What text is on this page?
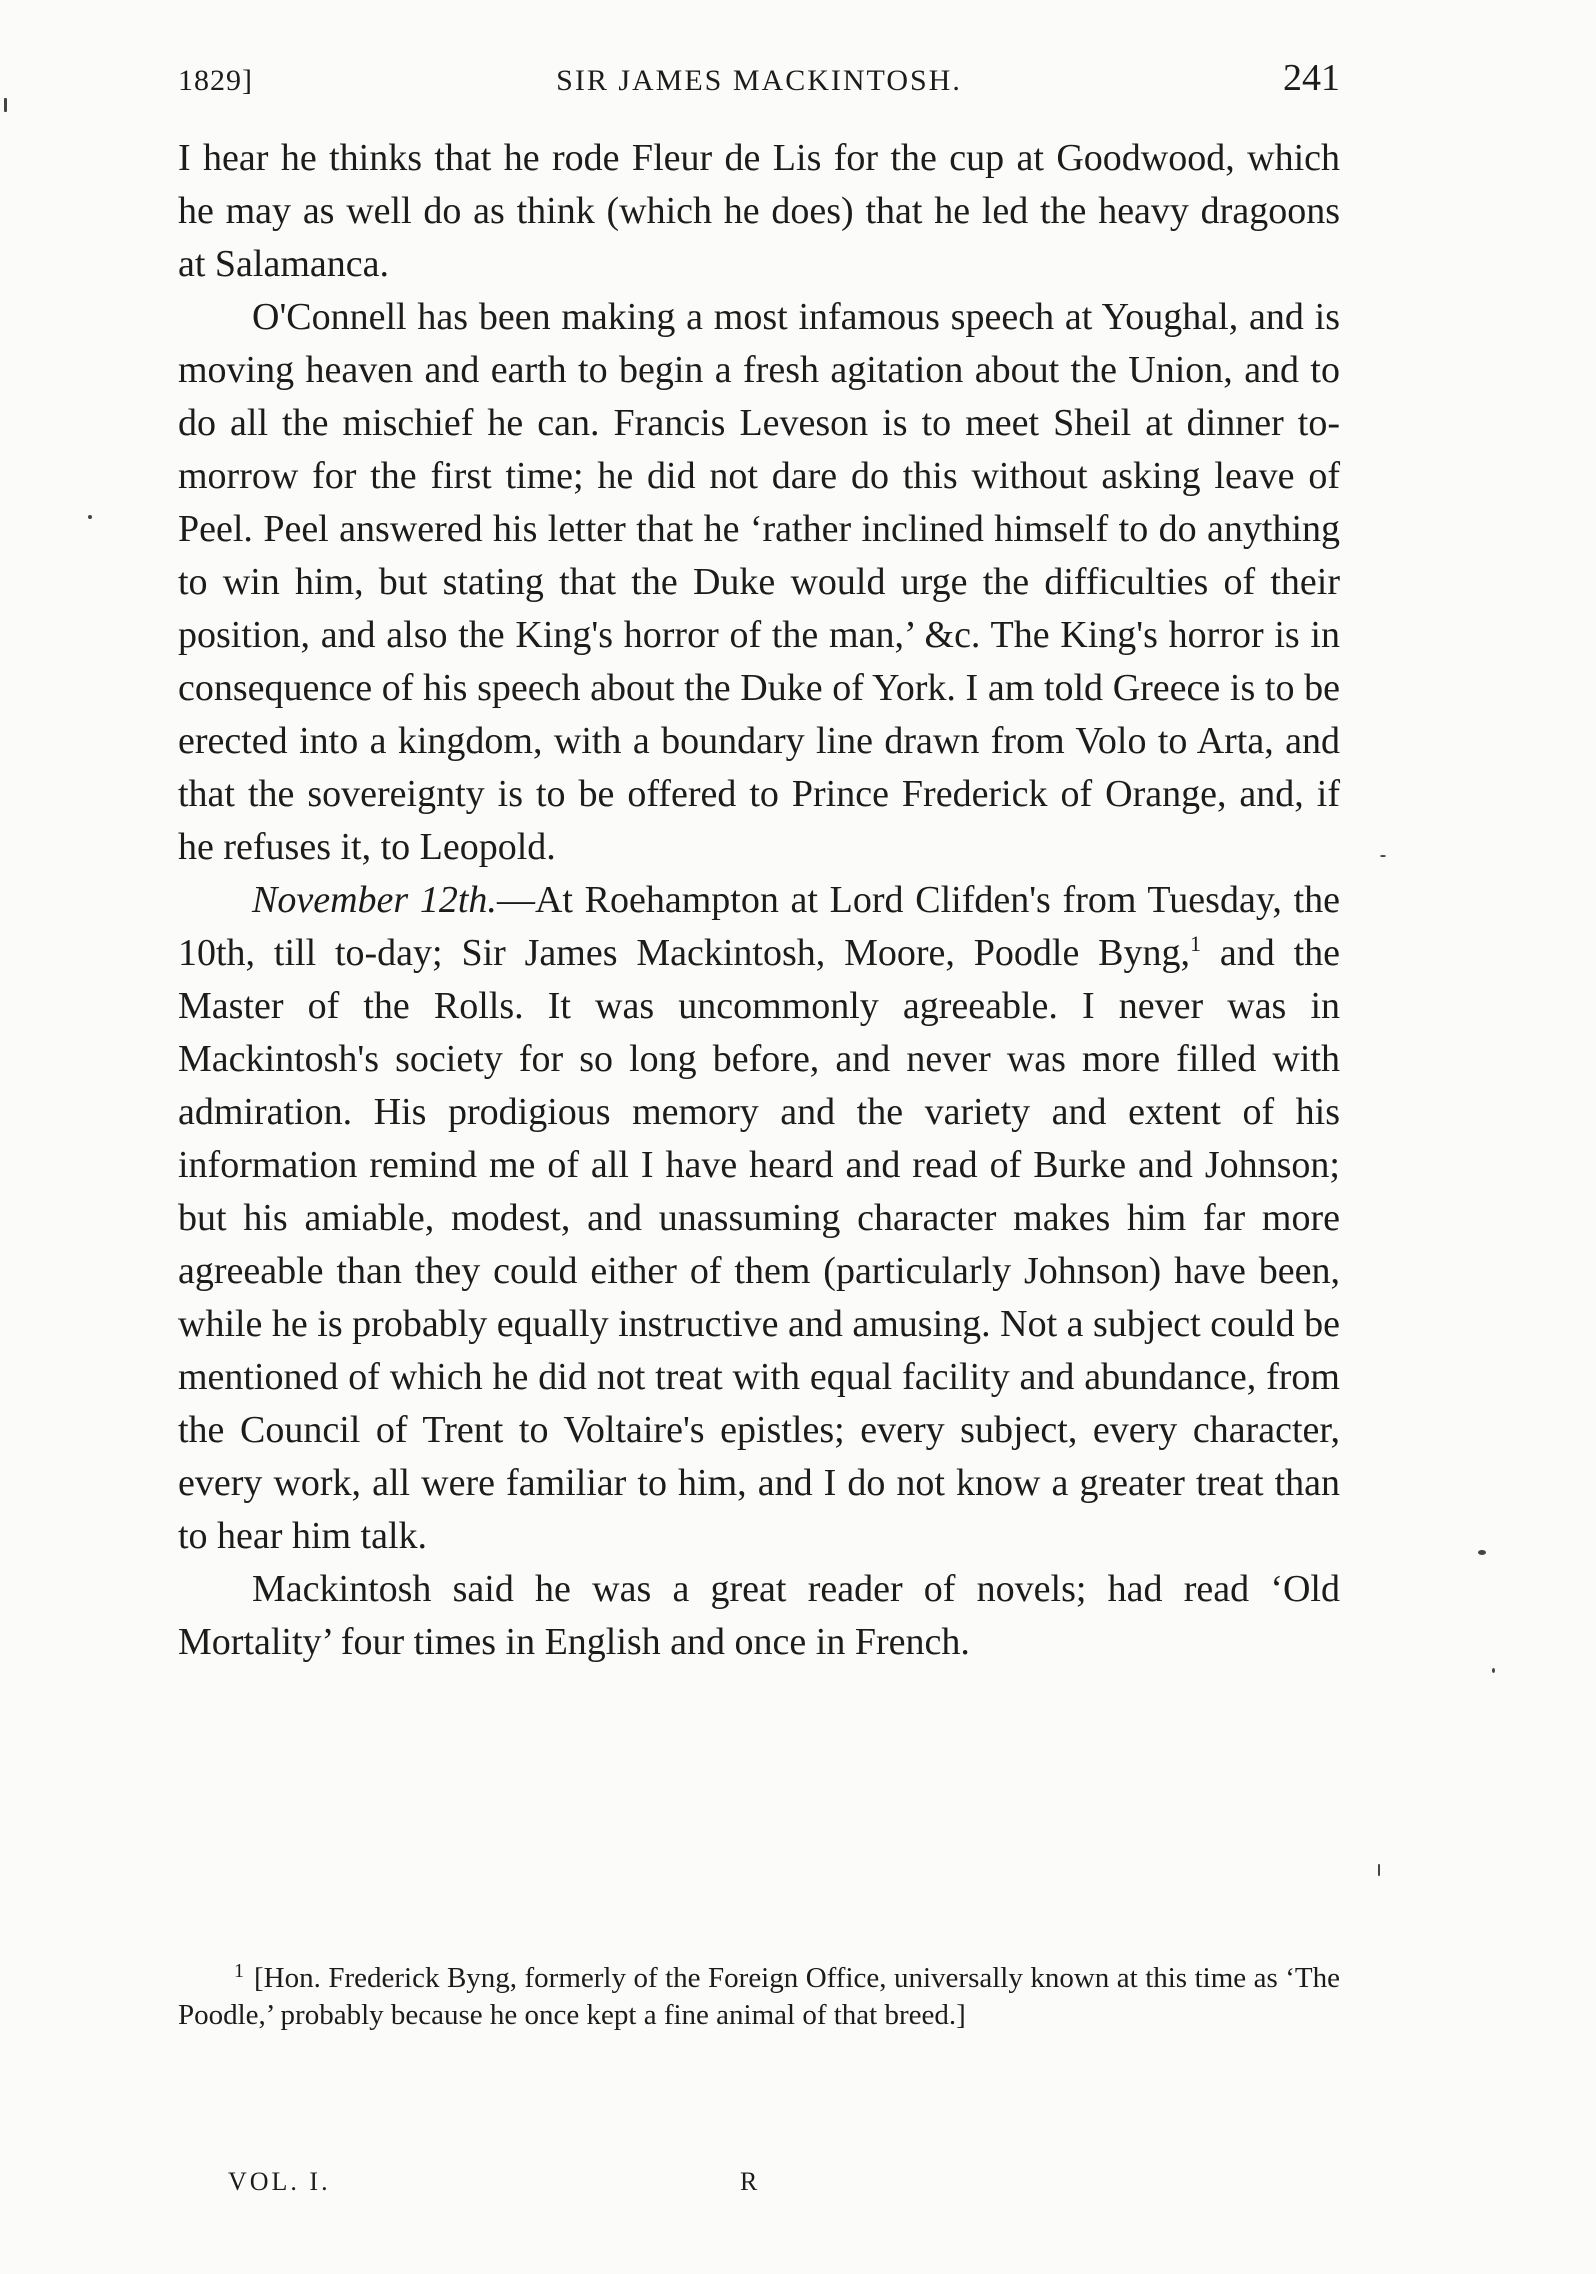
1829]	SIR JAMES MACKINTOSH.	241

I hear he thinks that he rode Fleur de Lis for the cup at Goodwood, which he may as well do as think (which he does) that he led the heavy dragoons at Salamanca.

O'Connell has been making a most infamous speech at Youghal, and is moving heaven and earth to begin a fresh agitation about the Union, and to do all the mischief he can. Francis Leveson is to meet Sheil at dinner to-morrow for the first time; he did not dare do this without asking leave of Peel. Peel answered his letter that he ‘rather inclined himself to do anything to win him, but stating that the Duke would urge the difficulties of their position, and also the King's horror of the man,’ &c. The King's horror is in consequence of his speech about the Duke of York. I am told Greece is to be erected into a kingdom, with a boundary line drawn from Volo to Arta, and that the sovereignty is to be offered to Prince Frederick of Orange, and, if he refuses it, to Leopold.

November 12th.—At Roehampton at Lord Clifden's from Tuesday, the 10th, till to-day; Sir James Mackintosh, Moore, Poodle Byng,$^1$ and the Master of the Rolls. It was uncommonly agreeable. I never was in Mackintosh's society for so long before, and never was more filled with admiration. His prodigious memory and the variety and extent of his information remind me of all I have heard and read of Burke and Johnson; but his amiable, modest, and unassuming character makes him far more agreeable than they could either of them (particularly Johnson) have been, while he is probably equally instructive and amusing. Not a subject could be mentioned of which he did not treat with equal facility and abundance, from the Council of Trent to Voltaire's epistles; every subject, every character, every work, all were familiar to him, and I do not know a greater treat than to hear him talk.

Mackintosh said he was a great reader of novels; had read ‘Old Mortality’ four times in English and once in French.

$^1$ [Hon. Frederick Byng, formerly of the Foreign Office, universally known at this time as ‘The Poodle,’ probably because he once kept a fine animal of that breed.]

VOL. I.	R
